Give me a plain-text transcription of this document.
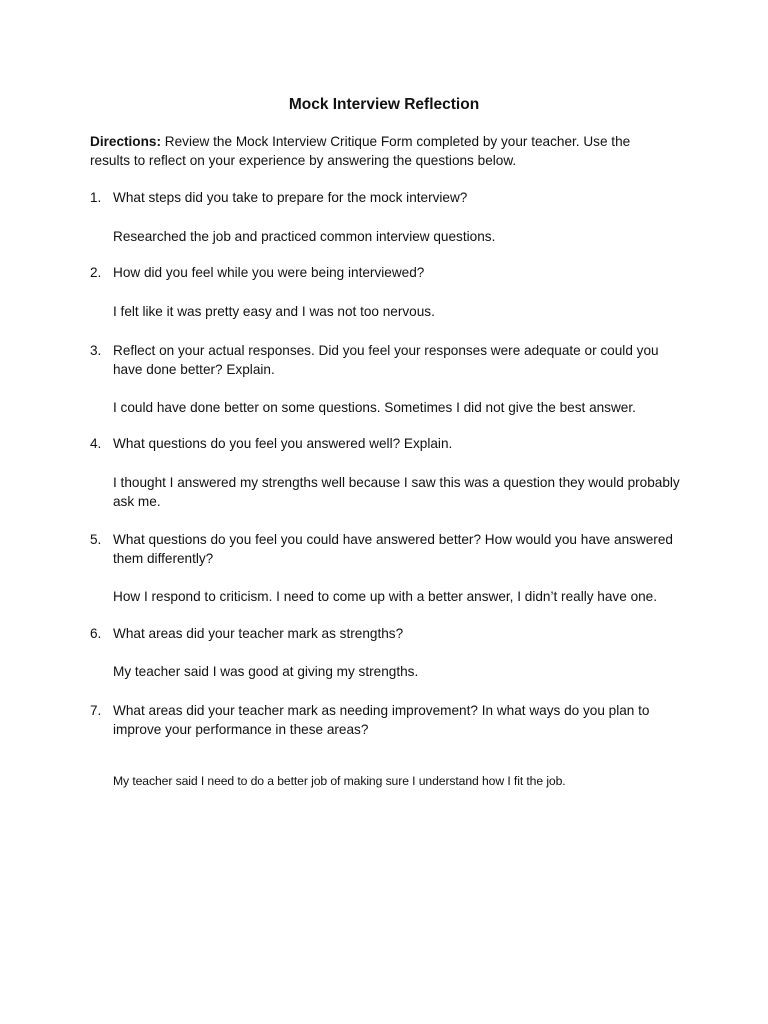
Mock Interview Reflection
Directions: Review the Mock Interview Critique Form completed by your teacher. Use the results to reflect on your experience by answering the questions below.
1. What steps did you take to prepare for the mock interview?
Researched the job and practiced common interview questions.
2. How did you feel while you were being interviewed?
I felt like it was pretty easy and I was not too nervous.
3. Reflect on your actual responses. Did you feel your responses were adequate or could you have done better? Explain.
I could have done better on some questions. Sometimes I did not give the best answer.
4. What questions do you feel you answered well? Explain.
I thought I answered my strengths well because I saw this was a question they would probably ask me.
5. What questions do you feel you could have answered better? How would you have answered them differently?
How I respond to criticism. I need to come up with a better answer, I didn’t really have one.
6. What areas did your teacher mark as strengths?
My teacher said I was good at giving my strengths.
7. What areas did your teacher mark as needing improvement? In what ways do you plan to improve your performance in these areas?
My teacher said I need to do a better job of making sure I understand how I fit the job.
